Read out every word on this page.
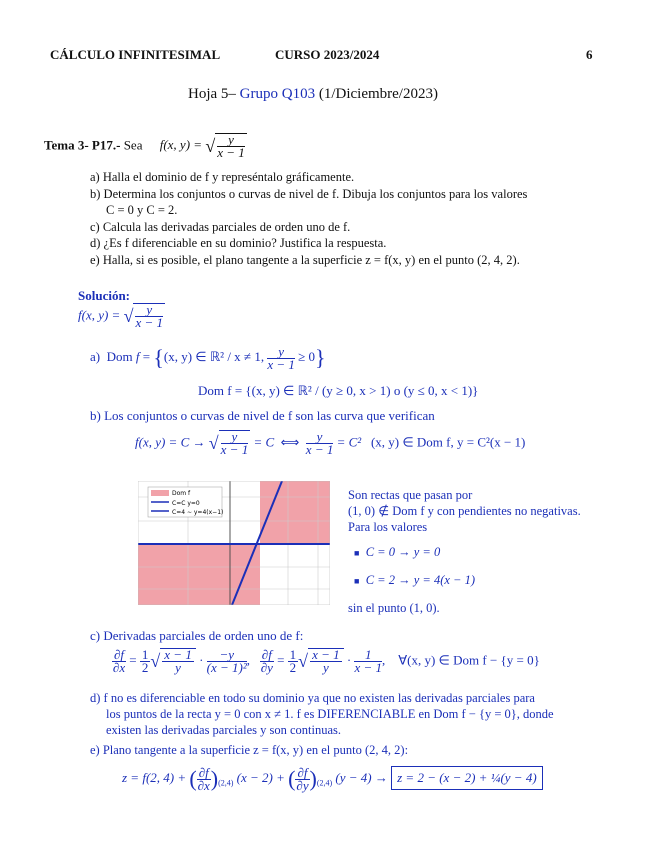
CÁLCULO INFINITESIMAL	CURSO 2023/2024	6
Hoja 5– Grupo Q103 (1/Diciembre/2023)
Tema 3- P17.- Sea f(x, y) = √ $\frac{y}{x - 1}$
a) Halla el dominio de f y represéntalo gráficamente.
b) Determina los conjuntos o curvas de nivel de f. Dibuja los conjuntos para los valores
C = 0 y C = 2.
c) Calcula las derivadas parciales de orden uno de f.
d) ¿Es f diferenciable en su dominio? Justifica la respuesta.
e) Halla, si es posible, el plano tangente a la superficie z = f(x, y) en el punto (2, 4, 2).
Solución:
f(x, y) = √ $\frac{y}{x - 1}$
a)  Dom f = {(x, y) ∈ ℝ² / x ≠ 1, $\frac{y}{x - 1} \ge 0$}
Dom f = {(x, y) ∈ ℝ² / (y ≥ 0, x > 1) o (y ≤ 0, x < 1)}
b) Los conjuntos o curvas de nivel de f son las curva que verifican
f(x, y) = C → √ $\frac{y}{x - 1} = C$  ⟺ $\frac{y}{x - 1} = C^2$ (x, y) ∈ Dom f, y = C²(x − 1)
Dom f
C=C y=0
C=4 ∼ y=4(x−1)
Son rectas que pasan por
(1, 0) ∉ Dom f y con pendientes no negativas.
Para los valores
■ C = 0 → y = 0
■ C = 2 → y = 4(x − 1)
sin el punto (1, 0).
c) Derivadas parciales de orden uno de f:
$\frac{\partial f}{\partial x} = \frac{1}{2}$ √ $\frac{x - 1}{y} \cdot \frac{-y}{\text{(x − 1)²}}$ , $\frac{\partial f}{\partial y} = \frac{1}{2}$ √ $\frac{x - 1}{y} \cdot \frac{1}{x - 1}$ ,    ∀(x, y) ∈ Dom f − {y = 0}
d) f no es diferenciable en todo su dominio ya que no existen las derivadas parciales para
los puntos de la recta y = 0 con x ≠ 1. f es DIFERENCIABLE en Dom f − {y = 0}, donde
existen las derivadas parciales y son continuas.
e) Plano tangente a la superficie z = f(x, y) en el punto (2, 4, 2):
z = f(2, 4) + ( $\frac{\partial f}{\partial x} )_{(2,4)}$ (x − 2) + ( $\frac{\partial f}{\partial y} )_{(2,4)}$ (y − 4) → z = 2 − (x − 2) + ¼(y − 4)
